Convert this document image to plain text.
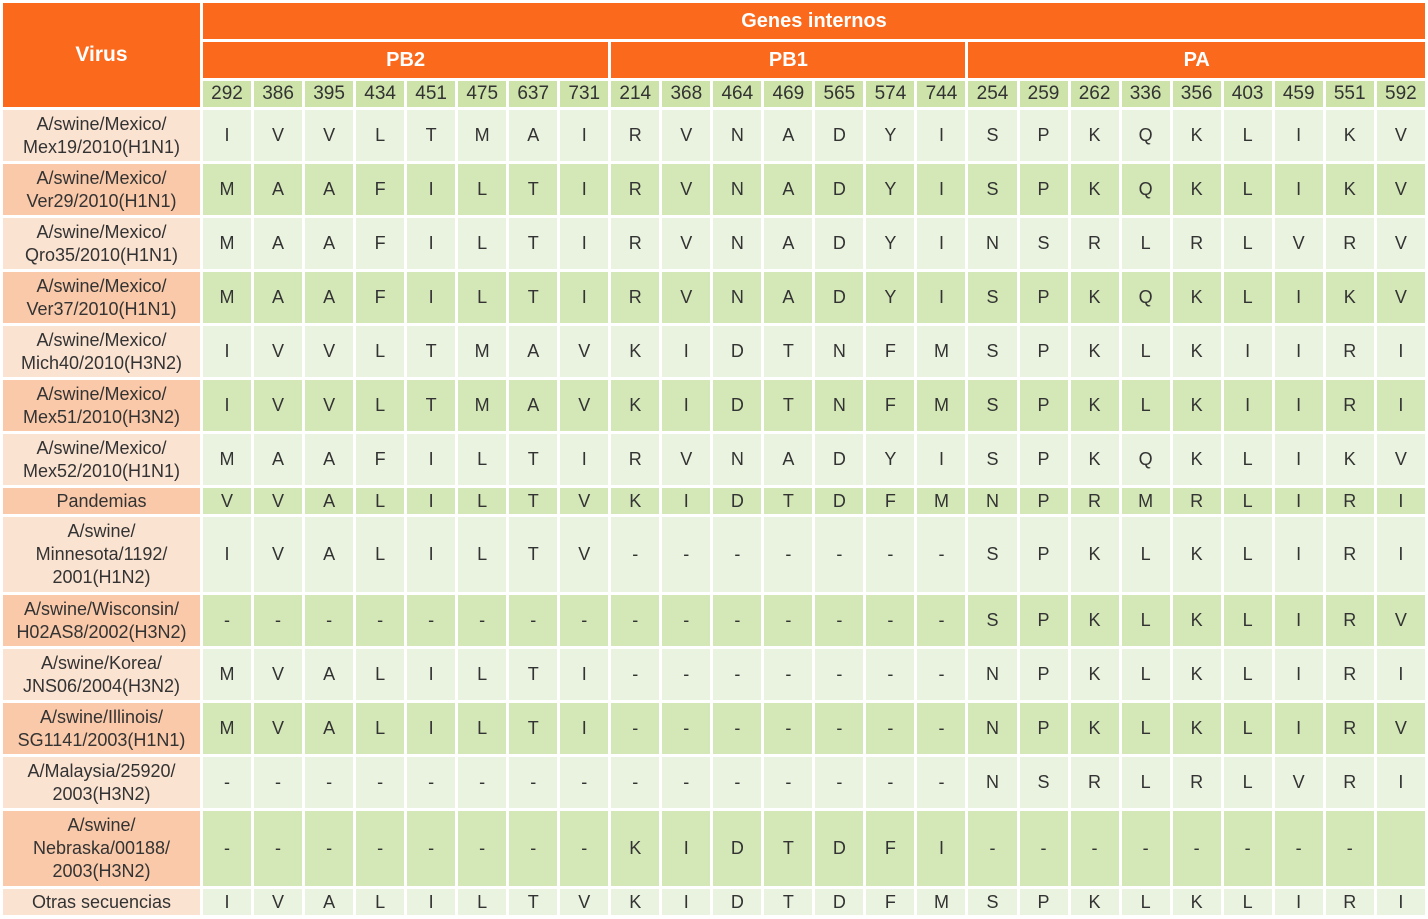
Virus	Genes internos																							
	PB2								PB1							PA								
	292	386	395	434	451	475	637	731	214	368	464	469	565	574	744	254	259	262	336	356	403	459	551	592

A/swine/Mexico/
Mex19/2010(H1N1)	I	V	V	L	T	M	A	I	R	V	N	A	D	Y	I	S	P	K	Q	K	L	I	K	V

A/swine/Mexico/
Ver29/2010(H1N1)	M	A	A	F	I	L	T	I	R	V	N	A	D	Y	I	S	P	K	Q	K	L	I	K	V

A/swine/Mexico/
Qro35/2010(H1N1)	M	A	A	F	I	L	T	I	R	V	N	A	D	Y	I	N	S	R	L	R	L	V	R	V

A/swine/Mexico/
Ver37/2010(H1N1)	M	A	A	F	I	L	T	I	R	V	N	A	D	Y	I	S	P	K	Q	K	L	I	K	V

A/swine/Mexico/
Mich40/2010(H3N2)	I	V	V	L	T	M	A	V	K	I	D	T	N	F	M	S	P	K	L	K	I	I	R	I

A/swine/Mexico/
Mex51/2010(H3N2)	I	V	V	L	T	M	A	V	K	I	D	T	N	F	M	S	P	K	L	K	I	I	R	I

A/swine/Mexico/
Mex52/2010(H1N1)	M	A	A	F	I	L	T	I	R	V	N	A	D	Y	I	S	P	K	Q	K	L	I	K	V

Pandemias	V	V	A	L	I	L	T	V	K	I	D	T	D	F	M	N	P	R	M	R	L	I	R	I

A/swine/
Minnesota/1192/
2001(H1N2)	I	V	A	L	I	L	T	V	-	-	-	-	-	-	-	S	P	K	L	K	L	I	R	I

A/swine/Wisconsin/
H02AS8/2002(H3N2)	-	-	-	-	-	-	-	-	-	-	-	-	-	-	-	S	P	K	L	K	L	I	R	V

A/swine/Korea/
JNS06/2004(H3N2)	M	V	A	L	I	L	T	I	-	-	-	-	-	-	-	N	P	K	L	K	L	I	R	I

A/swine/Illinois/
SG1141/2003(H1N1)	M	V	A	L	I	L	T	I	-	-	-	-	-	-	-	N	P	K	L	K	L	I	R	V

A/Malaysia/25920/
2003(H3N2)	-	-	-	-	-	-	-	-	-	-	-	-	-	-	-	N	S	R	L	R	L	V	R	I

A/swine/
Nebraska/00188/
2003(H3N2)	-	-	-	-	-	-	-	-	K	I	D	T	D	F	I	-	-	-	-	-	-	-	-	

Otras secuencias	I	V	A	L	I	L	T	V	K	I	D	T	D	F	M	S	P	K	L	K	L	I	R	I
